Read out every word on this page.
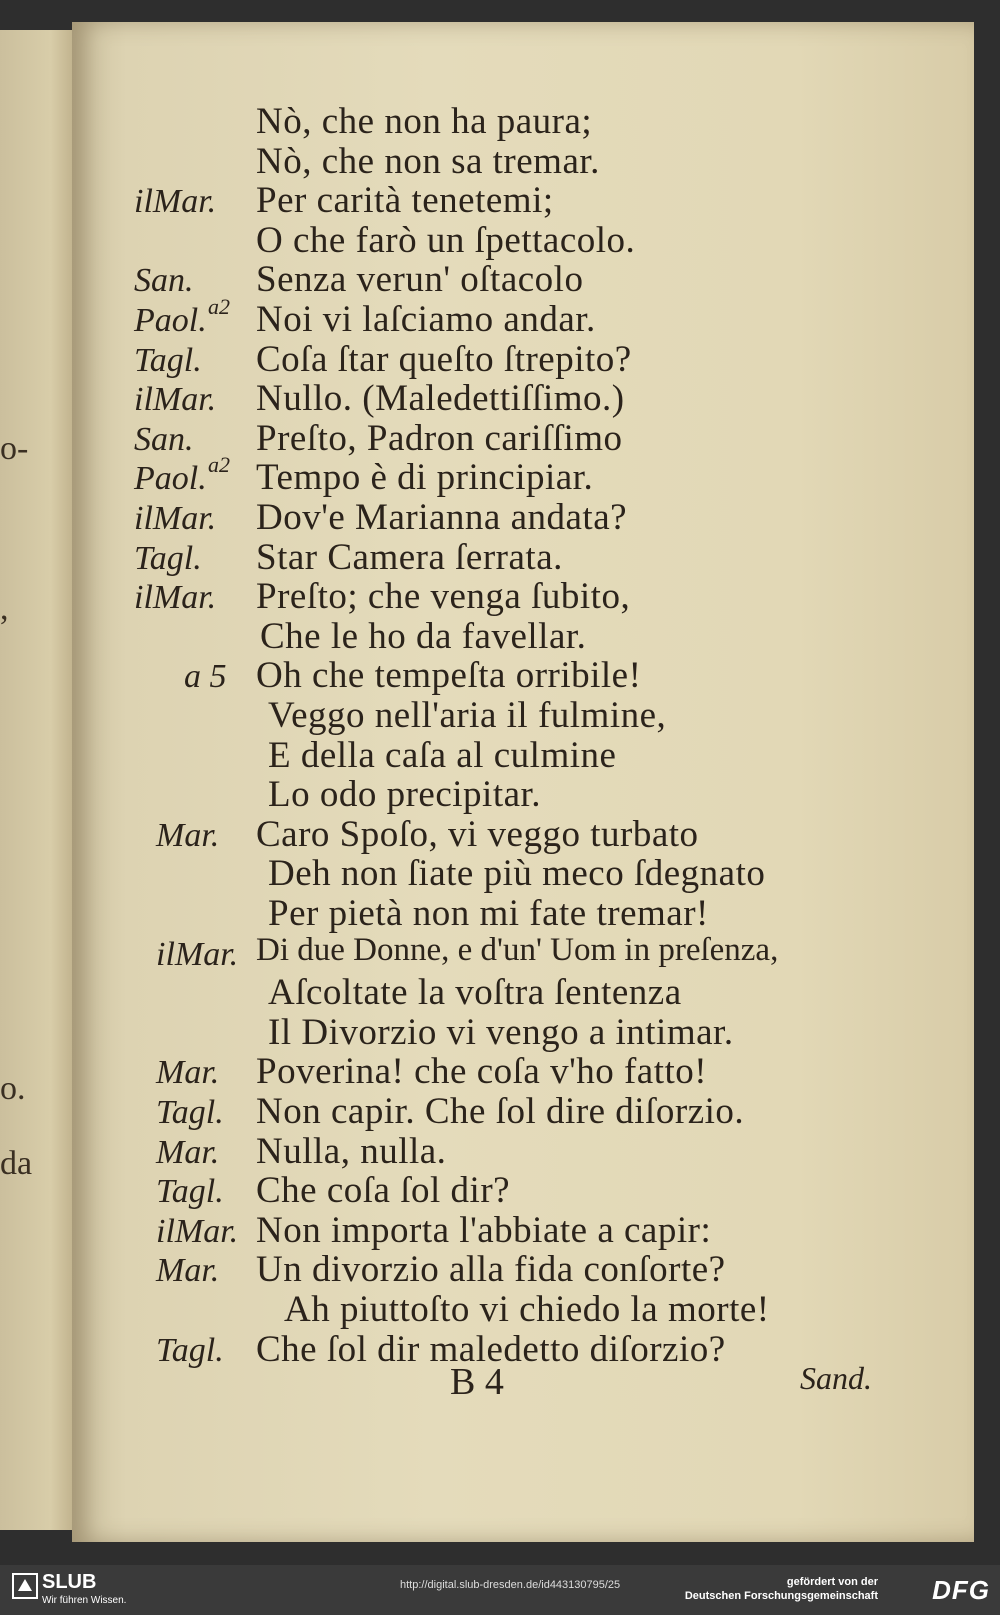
o-
,
o.
da
Nò, che non ha paura;
Nò, che non sa tremar.
ilMar. Per carità tenetemi;
O che farò un ſpettacolo.
San. Senza verun' oſtacolo
Paol. a2 Noi vi laſciamo andar.
Tagl. Coſa ſtar queſto ſtrepito?
ilMar. Nullo. (Maledettiſſimo.)
San. Preſto, Padron cariſſimo
Paol. a2 Tempo è di principiar.
ilMar. Dov'e Marianna andata?
Tagl. Star Camera ſerrata.
ilMar. Preſto; che venga ſubito,
Che le ho da favellar.
a 5 Oh che tempeſta orribile!
Veggo nell'aria il fulmine,
E della caſa al culmine
Lo odo precipitar.
Mar. Caro Spoſo, vi veggo turbato
Deh non ſiate più meco ſdegnato
Per pietà non mi fate tremar!
ilMar. Di due Donne, e d'un' Uom in preſenza,
Aſcoltate la voſtra ſentenza
Il Divorzio vi vengo a intimar.
Mar. Poverina! che coſa v'ho fatto!
Tagl. Non capir. Che ſol dire diſorzio.
Mar. Nulla, nulla.
Tagl. Che coſa ſol dir?
ilMar. Non importa l'abbiate a capir:
Mar. Un divorzio alla fida conſorte?
Ah piuttoſto vi chiedo la morte!
Tagl. Che ſol dir maledetto diſorzio?
B 4	Sand.
SLUB
Wir führen Wissen.
http://digital.slub-dresden.de/id443130795/25	gefördert von der
Deutschen Forschungsgemeinschaft DFG
